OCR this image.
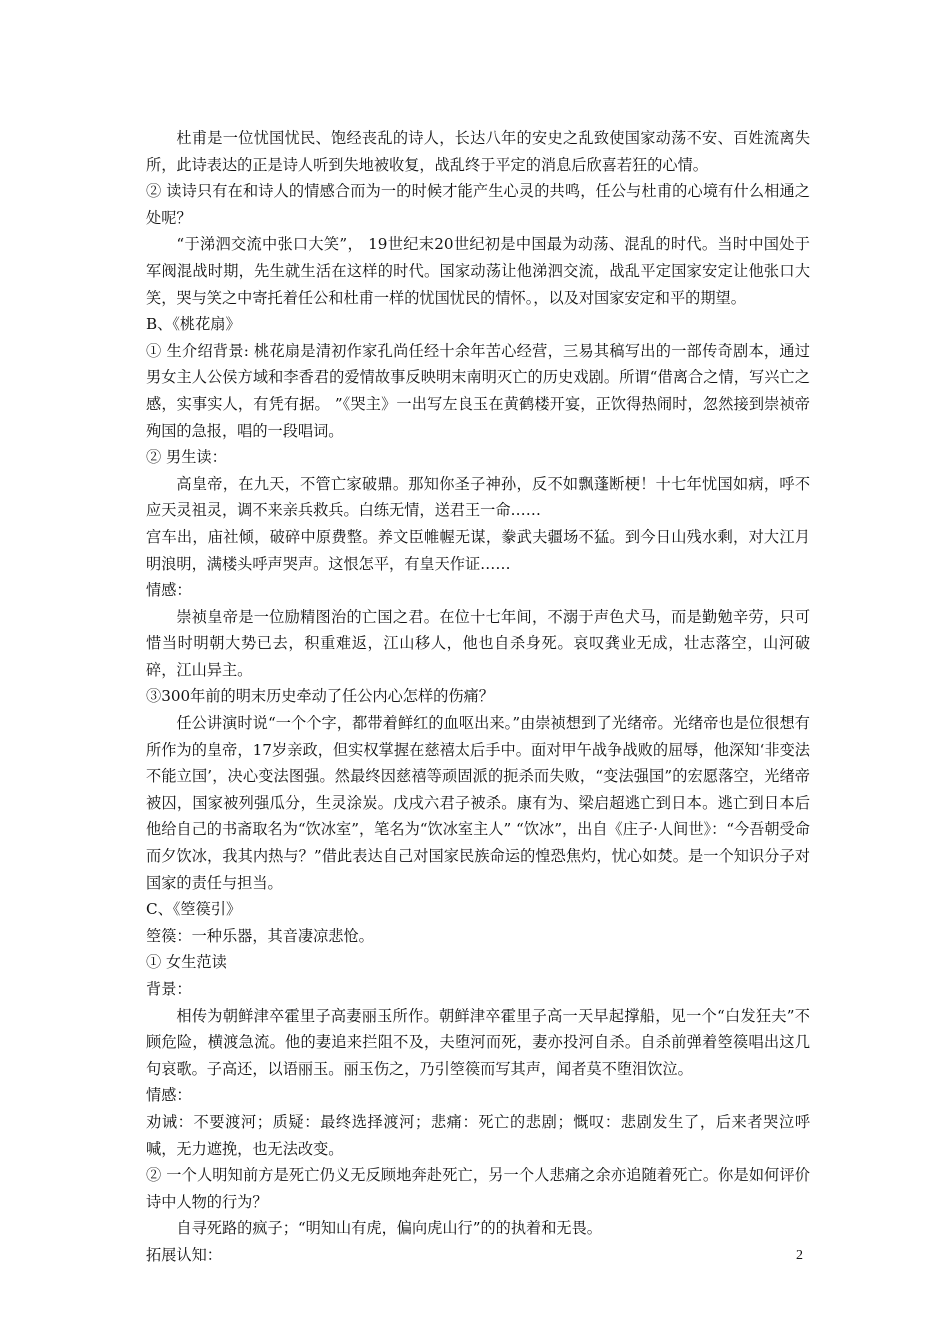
杜甫是一位忧国忧民、饱经丧乱的诗人，长达八年的安史之乱致使国家动荡不安、百姓流离失所，此诗表达的正是诗人听到失地被收复，战乱终于平定的消息后欣喜若狂的心情。

② 读诗只有在和诗人的情感合而为一的时候才能产生心灵的共鸣，任公与杜甫的心境有什么相通之处呢？

“于涕泗交流中张口大笑”， 19世纪末20世纪初是中国最为动荡、混乱的时代。当时中国处于军阀混战时期，先生就生活在这样的时代。国家动荡让他涕泗交流，战乱平定国家安定让他张口大笑，哭与笑之中寄托着任公和杜甫一样的忧国忧民的情怀。，以及对国家安定和平的期望。

B、《桃花扇》

① 生介绍背景: 桃花扇是清初作家孔尚任经十余年苦心经营，三易其稿写出的一部传奇剧本，通过男女主人公侯方域和李香君的爱情故事反映明末南明灭亡的历史戏剧。所谓“借离合之情，写兴亡之感，实事实人，有凭有据。 ”《哭主》一出写左良玉在黄鹤楼开宴，正饮得热闹时，忽然接到崇祯帝殉国的急报，唱的一段唱词。

② 男生读：

高皇帝，在九天，不管亡家破鼎。那知你圣子神孙，反不如飘蓬断梗！十七年忧国如病，呼不应天灵祖灵，调不来亲兵救兵。白练无情，送君王一命……

宫车出，庙社倾，破碎中原费整。养文臣帷幄无谋，豢武夫疆场不猛。到今日山残水剩，对大江月明浪明，满楼头呼声哭声。这恨怎平，有皇天作证……

情感：

崇祯皇帝是一位励精图治的亡国之君。在位十七年间，不溺于声色犬马，而是勤勉辛劳，只可惜当时明朝大势已去，积重难返，江山移人，他也自杀身死。哀叹龚业无成，壮志落空，山河破碎，江山异主。

③300年前的明末历史牵动了任公内心怎样的伤痛？

任公讲演时说“一个个字，都带着鲜红的血呕出来。”由崇祯想到了光绪帝。光绪帝也是位很想有所作为的皇帝，17岁亲政，但实权掌握在慈禧太后手中。面对甲午战争战败的屈辱，他深知‘非变法不能立国’，决心变法图强。然最终因慈禧等顽固派的扼杀而失败，“变法强国”的宏愿落空，光绪帝被囚，国家被列强瓜分，生灵涂炭。戊戌六君子被杀。康有为、梁启超逃亡到日本。逃亡到日本后他给自己的书斋取名为“饮冰室”，笔名为“饮冰室主人” “饮冰”，出自《庄子·人间世》：“今吾朝受命而夕饮冰，我其内热与？”借此表达自己对国家民族命运的惶恐焦灼，忧心如焚。是一个知识分子对国家的责任与担当。

C、《箜篌引》

箜篌：一种乐器，其音凄凉悲怆。

① 女生范读

背景：

相传为朝鲜津卒霍里子高妻丽玉所作。朝鲜津卒霍里子高一天早起撑船，见一个“白发狂夫”不顾危险，横渡急流。他的妻追来拦阻不及，夫堕河而死，妻亦投河自杀。自杀前弹着箜篌唱出这几句哀歌。子高还，以语丽玉。丽玉伤之，乃引箜篌而写其声，闻者莫不堕泪饮泣。

情感：

劝诫：不要渡河；质疑：最终选择渡河；悲痛：死亡的悲剧；慨叹：悲剧发生了，后来者哭泣呼喊，无力遮挽，也无法改变。

② 一个人明知前方是死亡仍义无反顾地奔赴死亡，另一个人悲痛之余亦追随着死亡。你是如何评价诗中人物的行为？

自寻死路的疯子；“明知山有虎，偏向虎山行”的的执着和无畏。

拓展认知：	2
